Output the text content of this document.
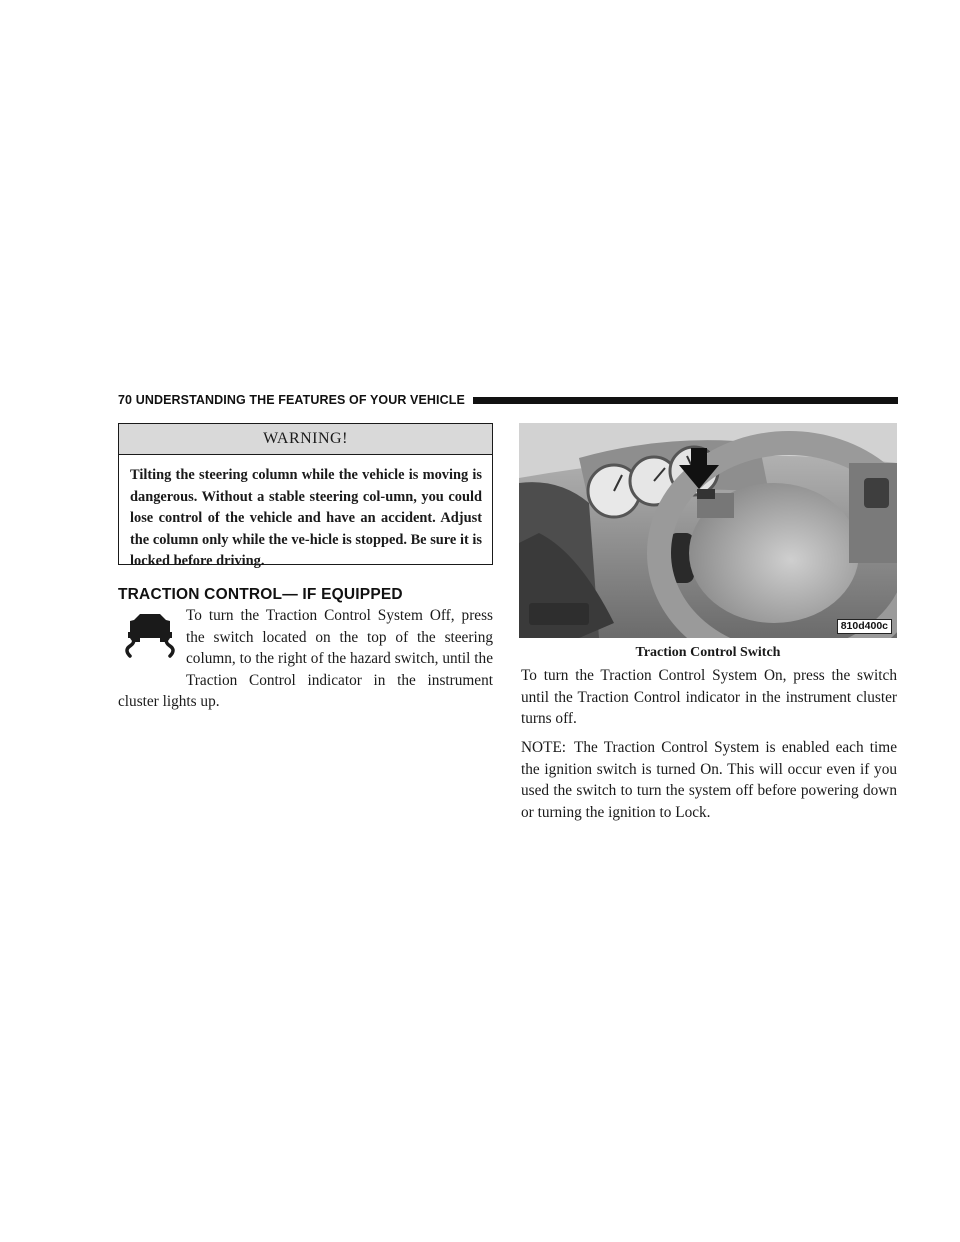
70 UNDERSTANDING THE FEATURES OF YOUR VEHICLE
WARNING!
Tilting the steering column while the vehicle is moving is dangerous. Without a stable steering col-umn, you could lose control of the vehicle and have an accident. Adjust the column only while the ve-hicle is stopped. Be sure it is locked before driving.
TRACTION CONTROL— IF EQUIPPED

To turn the Traction Control System Off, press the switch located on the top of the steering column, to the right of the hazard switch, until the Traction Control indicator in the instrument cluster lights up.

810d400c
Traction Control Switch

To turn the Traction Control System On, press the switch until the Traction Control indicator in the instrument cluster turns off.

NOTE: The Traction Control System is enabled each time the ignition switch is turned On. This will occur even if you used the switch to turn the system off before powering down or turning the ignition to Lock.
